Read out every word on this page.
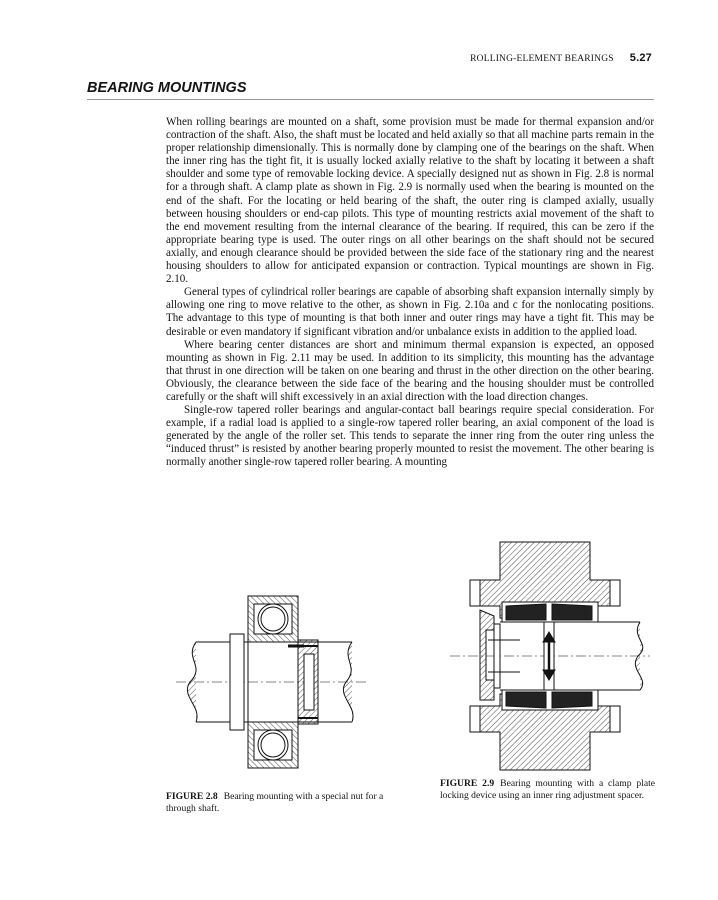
ROLLING-ELEMENT BEARINGS 5.27
BEARING MOUNTINGS

When rolling bearings are mounted on a shaft, some provision must be made for thermal expansion and/or contraction of the shaft. Also, the shaft must be located and held axially so that all machine parts remain in the proper relationship dimensionally. This is normally done by clamping one of the bearings on the shaft. When the inner ring has the tight fit, it is usually locked axially relative to the shaft by locating it between a shaft shoulder and some type of removable locking device. A specially designed nut as shown in Fig. 2.8 is normal for a through shaft. A clamp plate as shown in Fig. 2.9 is normally used when the bearing is mounted on the end of the shaft. For the locating or held bearing of the shaft, the outer ring is clamped axially, usually between housing shoulders or end-cap pilots. This type of mounting restricts axial movement of the shaft to the end movement resulting from the internal clearance of the bearing. If required, this can be zero if the appropriate bearing type is used. The outer rings on all other bearings on the shaft should not be secured axially, and enough clearance should be provided between the side face of the stationary ring and the nearest housing shoulders to allow for anticipated expansion or contraction. Typical mountings are shown in Fig. 2.10.

General types of cylindrical roller bearings are capable of absorbing shaft expansion internally simply by allowing one ring to move relative to the other, as shown in Fig. 2.10a and c for the nonlocating positions. The advantage to this type of mounting is that both inner and outer rings may have a tight fit. This may be desirable or even mandatory if significant vibration and/or unbalance exists in addition to the applied load.

Where bearing center distances are short and minimum thermal expansion is expected, an opposed mounting as shown in Fig. 2.11 may be used. In addition to its simplicity, this mounting has the advantage that thrust in one direction will be taken on one bearing and thrust in the other direction on the other bearing. Obviously, the clearance between the side face of the bearing and the housing shoulder must be controlled carefully or the shaft will shift excessively in an axial direction with the load direction changes.

Single-row tapered roller bearings and angular-contact ball bearings require special consideration. For example, if a radial load is applied to a single-row tapered roller bearing, an axial component of the load is generated by the angle of the roller set. This tends to separate the inner ring from the outer ring unless the “induced thrust” is resisted by another bearing properly mounted to resist the movement. The other bearing is normally another single-row tapered roller bearing. A mounting

FIGURE 2.8 Bearing mounting with a special nut for a through shaft.
FIGURE 2.9 Bearing mounting with a clamp plate locking device using an inner ring adjustment spacer.
